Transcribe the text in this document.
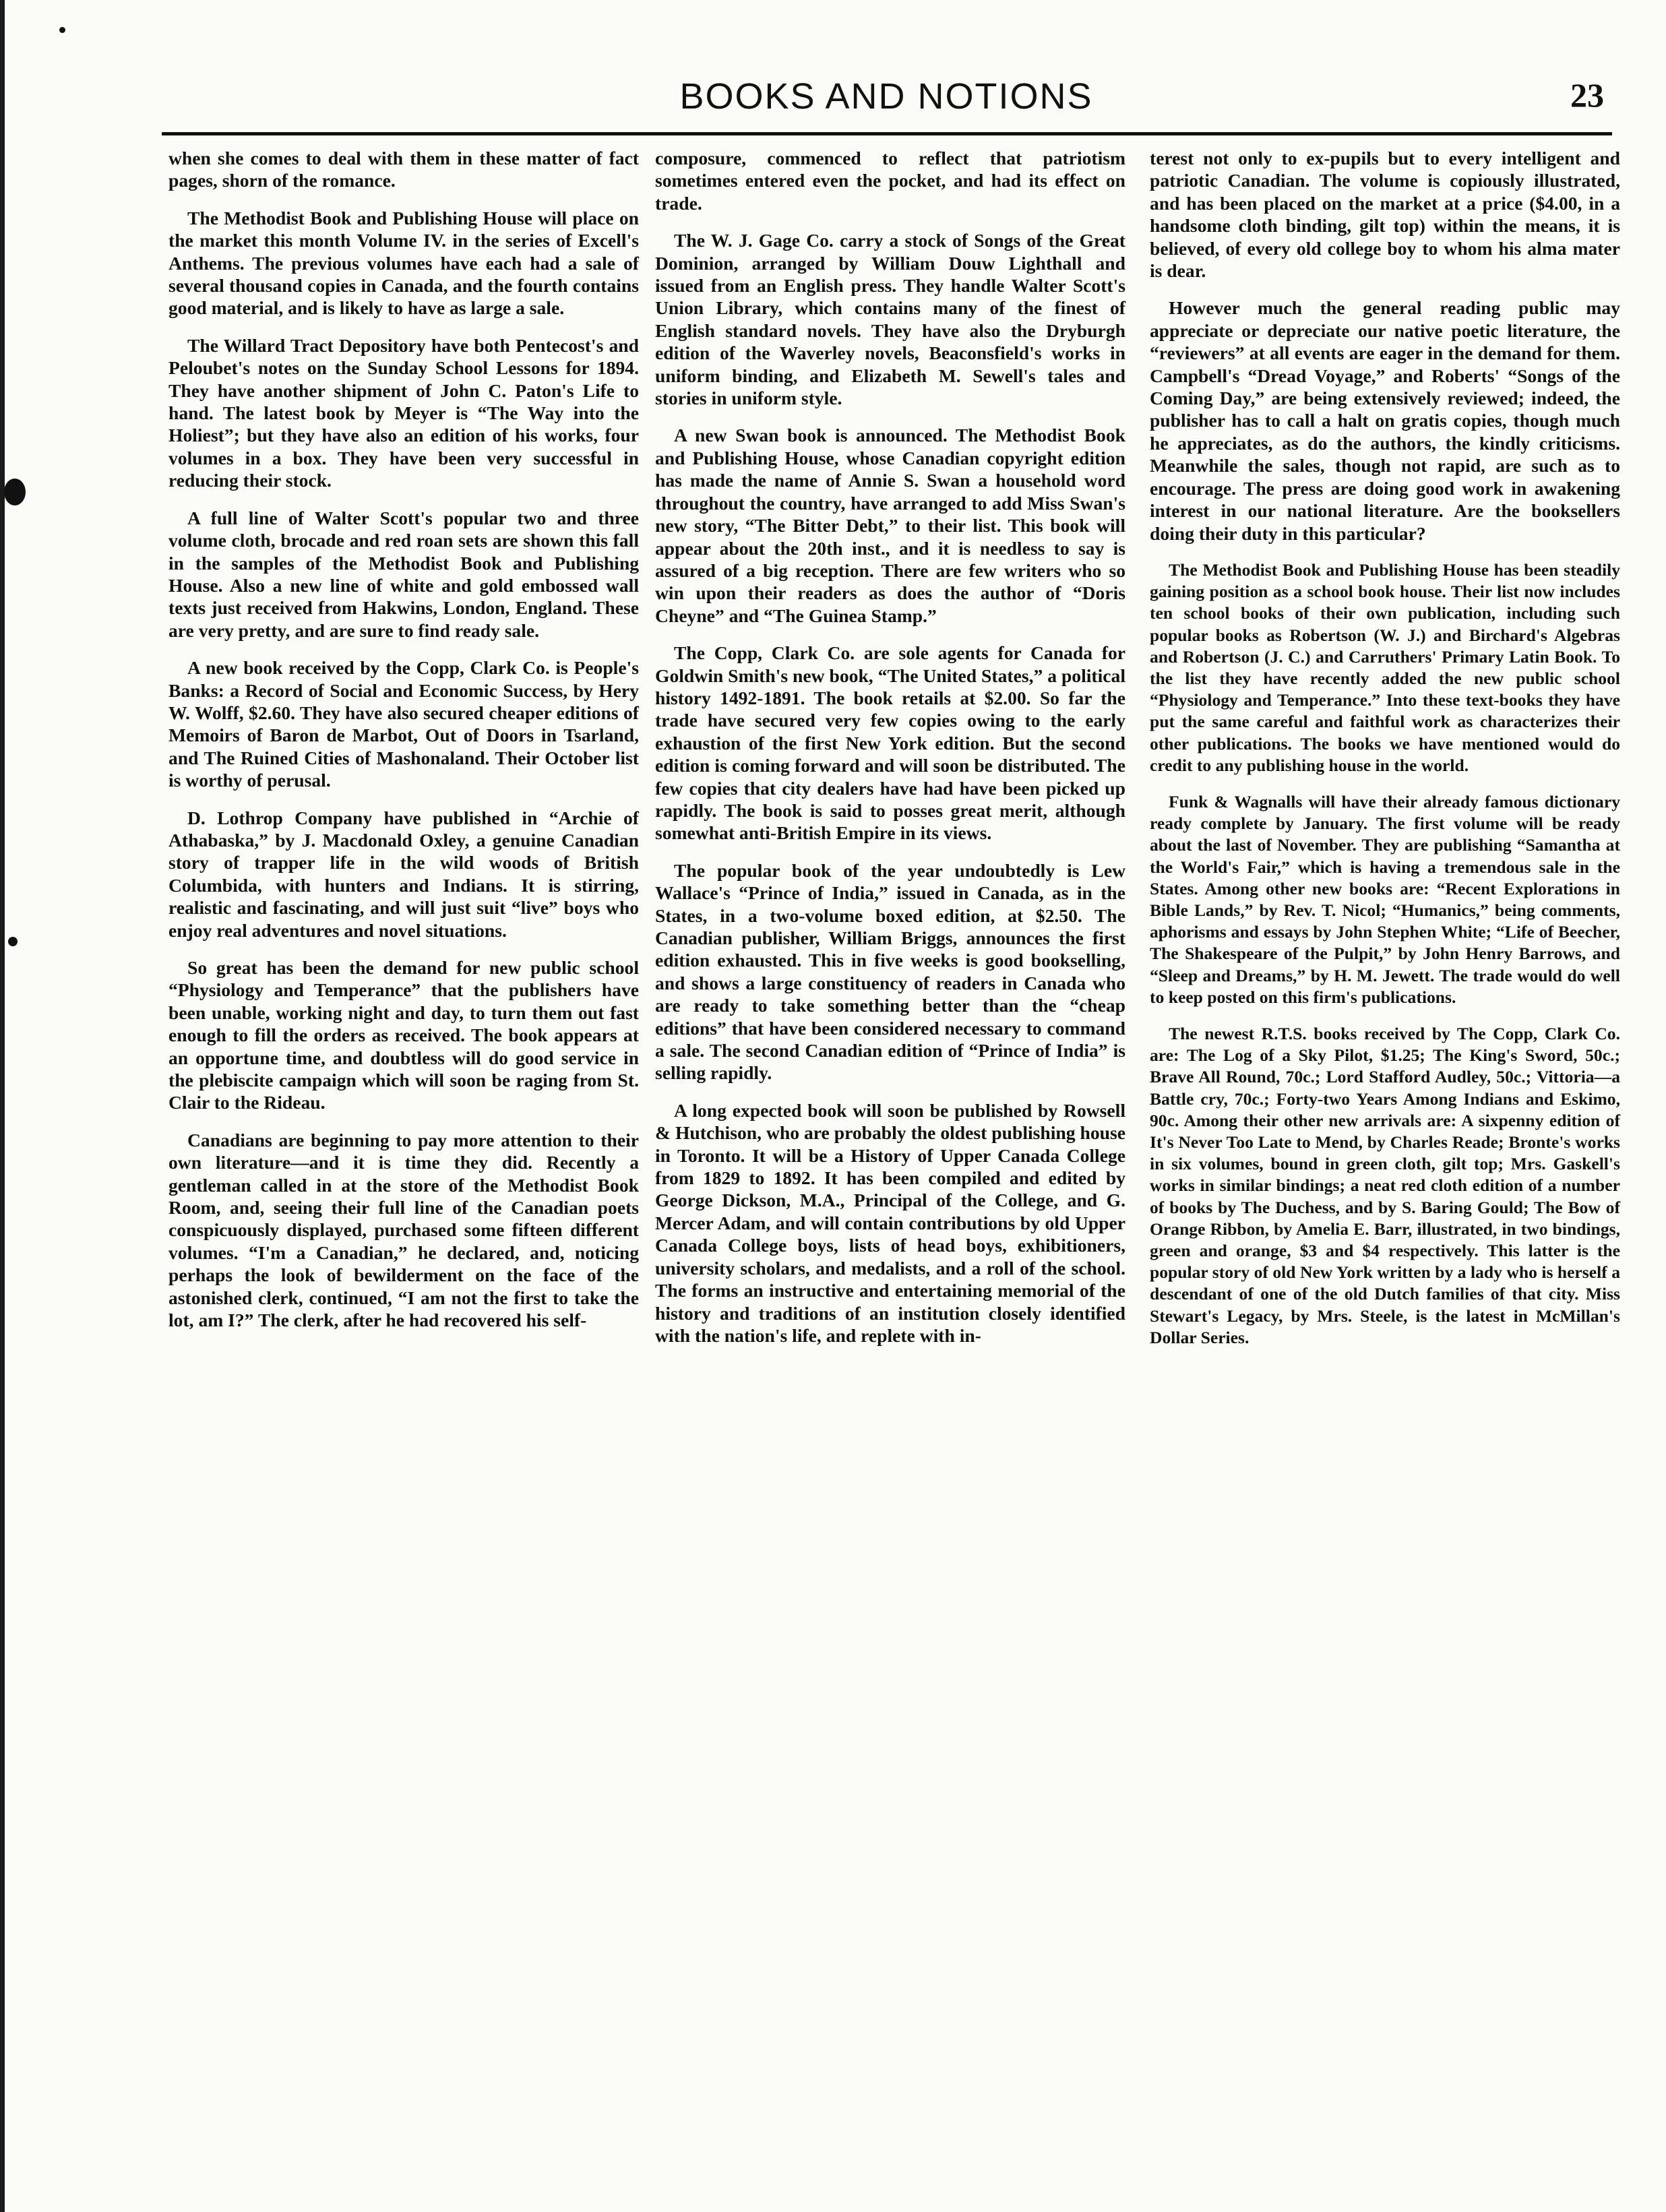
BOOKS AND NOTIONS	23

when she comes to deal with them in these matter of fact pages, shorn of the romance.

The Methodist Book and Publishing House will place on the market this month Volume IV. in the series of Excell's Anthems. The previous volumes have each had a sale of several thousand copies in Canada, and the fourth contains good material, and is likely to have as large a sale.

The Willard Tract Depository have both Pentecost's and Peloubet's notes on the Sunday School Lessons for 1894. They have another shipment of John C. Paton's Life to hand. The latest book by Meyer is “The Way into the Holiest”; but they have also an edition of his works, four volumes in a box. They have been very successful in reducing their stock.

A full line of Walter Scott's popular two and three volume cloth, brocade and red roan sets are shown this fall in the samples of the Methodist Book and Publishing House. Also a new line of white and gold embossed wall texts just received from Hakwins, London, England. These are very pretty, and are sure to find ready sale.

A new book received by the Copp, Clark Co. is People's Banks: a Record of Social and Economic Success, by Hery W. Wolff, $2.60. They have also secured cheaper editions of Memoirs of Baron de Marbot, Out of Doors in Tsarland, and The Ruined Cities of Mashonaland. Their October list is worthy of perusal.

D. Lothrop Company have published in “Archie of Athabaska,” by J. Macdonald Oxley, a genuine Canadian story of trapper life in the wild woods of British Columbida, with hunters and Indians. It is stirring, realistic and fascinating, and will just suit “live” boys who enjoy real adventures and novel situations.

So great has been the demand for new public school “Physiology and Temperance” that the publishers have been unable, working night and day, to turn them out fast enough to fill the orders as received. The book appears at an opportune time, and doubtless will do good service in the plebiscite campaign which will soon be raging from St. Clair to the Rideau.

Canadians are beginning to pay more attention to their own literature—and it is time they did. Recently a gentleman called in at the store of the Methodist Book Room, and, seeing their full line of the Canadian poets conspicuously displayed, purchased some fifteen different volumes. “I'm a Canadian,” he declared, and, noticing perhaps the look of bewilderment on the face of the astonished clerk, continued, “I am not the first to take the lot, am I?” The clerk, after he had recovered his self-

composure, commenced to reflect that patriotism sometimes entered even the pocket, and had its effect on trade.

The W. J. Gage Co. carry a stock of Songs of the Great Dominion, arranged by William Douw Lighthall and issued from an English press. They handle Walter Scott's Union Library, which contains many of the finest of English standard novels. They have also the Dryburgh edition of the Waverley novels, Beaconsfield's works in uniform binding, and Elizabeth M. Sewell's tales and stories in uniform style.

A new Swan book is announced. The Methodist Book and Publishing House, whose Canadian copyright edition has made the name of Annie S. Swan a household word throughout the country, have arranged to add Miss Swan's new story, “The Bitter Debt,” to their list. This book will appear about the 20th inst., and it is needless to say is assured of a big reception. There are few writers who so win upon their readers as does the author of “Doris Cheyne” and “The Guinea Stamp.”

The Copp, Clark Co. are sole agents for Canada for Goldwin Smith's new book, “The United States,” a political history 1492-1891. The book retails at $2.00. So far the trade have secured very few copies owing to the early exhaustion of the first New York edition. But the second edition is coming forward and will soon be distributed. The few copies that city dealers have had have been picked up rapidly. The book is said to posses great merit, although somewhat anti-British Empire in its views.

The popular book of the year undoubtedly is Lew Wallace's “Prince of India,” issued in Canada, as in the States, in a two-volume boxed edition, at $2.50. The Canadian publisher, William Briggs, announces the first edition exhausted. This in five weeks is good bookselling, and shows a large constituency of readers in Canada who are ready to take something better than the “cheap editions” that have been considered necessary to command a sale. The second Canadian edition of “Prince of India” is selling rapidly.

A long expected book will soon be published by Rowsell & Hutchison, who are probably the oldest publishing house in Toronto. It will be a History of Upper Canada College from 1829 to 1892. It has been compiled and edited by George Dickson, M.A., Principal of the College, and G. Mercer Adam, and will contain contributions by old Upper Canada College boys, lists of head boys, exhibitioners, university scholars, and medalists, and a roll of the school. The forms an instructive and entertaining memorial of the history and traditions of an institution closely identified with the nation's life, and replete with in-

terest not only to ex-pupils but to every intelligent and patriotic Canadian. The volume is copiously illustrated, and has been placed on the market at a price ($4.00, in a handsome cloth binding, gilt top) within the means, it is believed, of every old college boy to whom his alma mater is dear.

However much the general reading public may appreciate or depreciate our native poetic literature, the “reviewers” at all events are eager in the demand for them. Campbell's “Dread Voyage,” and Roberts' “Songs of the Coming Day,” are being extensively reviewed; indeed, the publisher has to call a halt on gratis copies, though much he appreciates, as do the authors, the kindly criticisms. Meanwhile the sales, though not rapid, are such as to encourage. The press are doing good work in awakening interest in our national literature. Are the booksellers doing their duty in this particular?

The Methodist Book and Publishing House has been steadily gaining position as a school book house. Their list now includes ten school books of their own publication, including such popular books as Robertson (W. J.) and Birchard's Algebras and Robertson (J. C.) and Carruthers' Primary Latin Book. To the list they have recently added the new public school “Physiology and Temperance.” Into these text-books they have put the same careful and faithful work as characterizes their other publications. The books we have mentioned would do credit to any publishing house in the world.

Funk & Wagnalls will have their already famous dictionary ready complete by January. The first volume will be ready about the last of November. They are publishing “Samantha at the World's Fair,” which is having a tremendous sale in the States. Among other new books are: “Recent Explorations in Bible Lands,” by Rev. T. Nicol; “Humanics,” being comments, aphorisms and essays by John Stephen White; “Life of Beecher, The Shakespeare of the Pulpit,” by John Henry Barrows, and “Sleep and Dreams,” by H. M. Jewett. The trade would do well to keep posted on this firm's publications.

The newest R.T.S. books received by The Copp, Clark Co. are: The Log of a Sky Pilot, $1.25; The King's Sword, 50c.; Brave All Round, 70c.; Lord Stafford Audley, 50c.; Vittoria—a Battle cry, 70c.; Forty-two Years Among Indians and Eskimo, 90c. Among their other new arrivals are: A sixpenny edition of It's Never Too Late to Mend, by Charles Reade; Bronte's works in six volumes, bound in green cloth, gilt top; Mrs. Gaskell's works in similar bindings; a neat red cloth edition of a number of books by The Duchess, and by S. Baring Gould; The Bow of Orange Ribbon, by Amelia E. Barr, illustrated, in two bindings, green and orange, $3 and $4 respectively. This latter is the popular story of old New York written by a lady who is herself a descendant of one of the old Dutch families of that city. Miss Stewart's Legacy, by Mrs. Steele, is the latest in McMillan's Dollar Series.
